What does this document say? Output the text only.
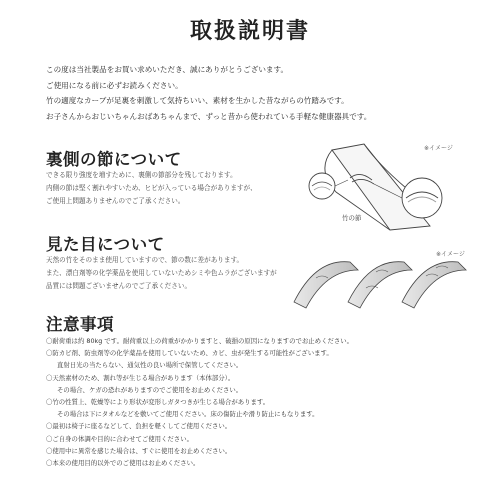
取扱説明書

この度は当社製品をお買い求めいただき、誠にありがとうございます。

ご使用になる前に必ずお読みください。

竹の適度なカーブが足裏を刺激して気持ちいい、素材を生かした昔ながらの竹踏みです。

お子さんからおじいちゃんおばあちゃんまで、ずっと昔から使われている手軽な健康器具です。

裏側の節について

できる限り強度を増すために、裏側の節部分を残しております。

内側の節は堅く割れやすいため、ヒビが入っている場合がありますが、

ご使用上問題ありませんのでご了承ください。

※イメージ
竹の節
見た目について

天然の竹をそのまま使用していますので、節の数に差があります。

また、漂白剤等の化学薬品を使用していないためシミや色ムラがございますが

品質には問題ございませんのでご了承ください。

※イメージ
注意事項
〇耐荷重は約 80kg です。耐荷重以上の荷重がかかりますと、破損の原因になりますのでお止めください。
〇防カビ剤、防虫剤等の化学薬品を使用していないため、カビ、虫が発生する可能性がございます。
直射日光の当たらない、通気性の良い場所で保管してください。
〇天然素材のため、割れ等が生じる場合があります（本体部分）。
その場合、ケガの恐れがありますのでご使用をお止めください。
〇竹の性質上、乾燥等により形状が変形しガタつきが生じる場合があります。
その場合は下にタオルなどを敷いてご使用ください。床の傷防止や滑り防止にもなります。
〇最初は椅子に座るなどして、負担を軽くしてご使用ください。
〇ご自身の体調や目的に合わせてご使用ください。
〇使用中に異常を感じた場合は、すぐに使用をお止めください。
〇本来の使用目的以外でのご使用はお止めください。
